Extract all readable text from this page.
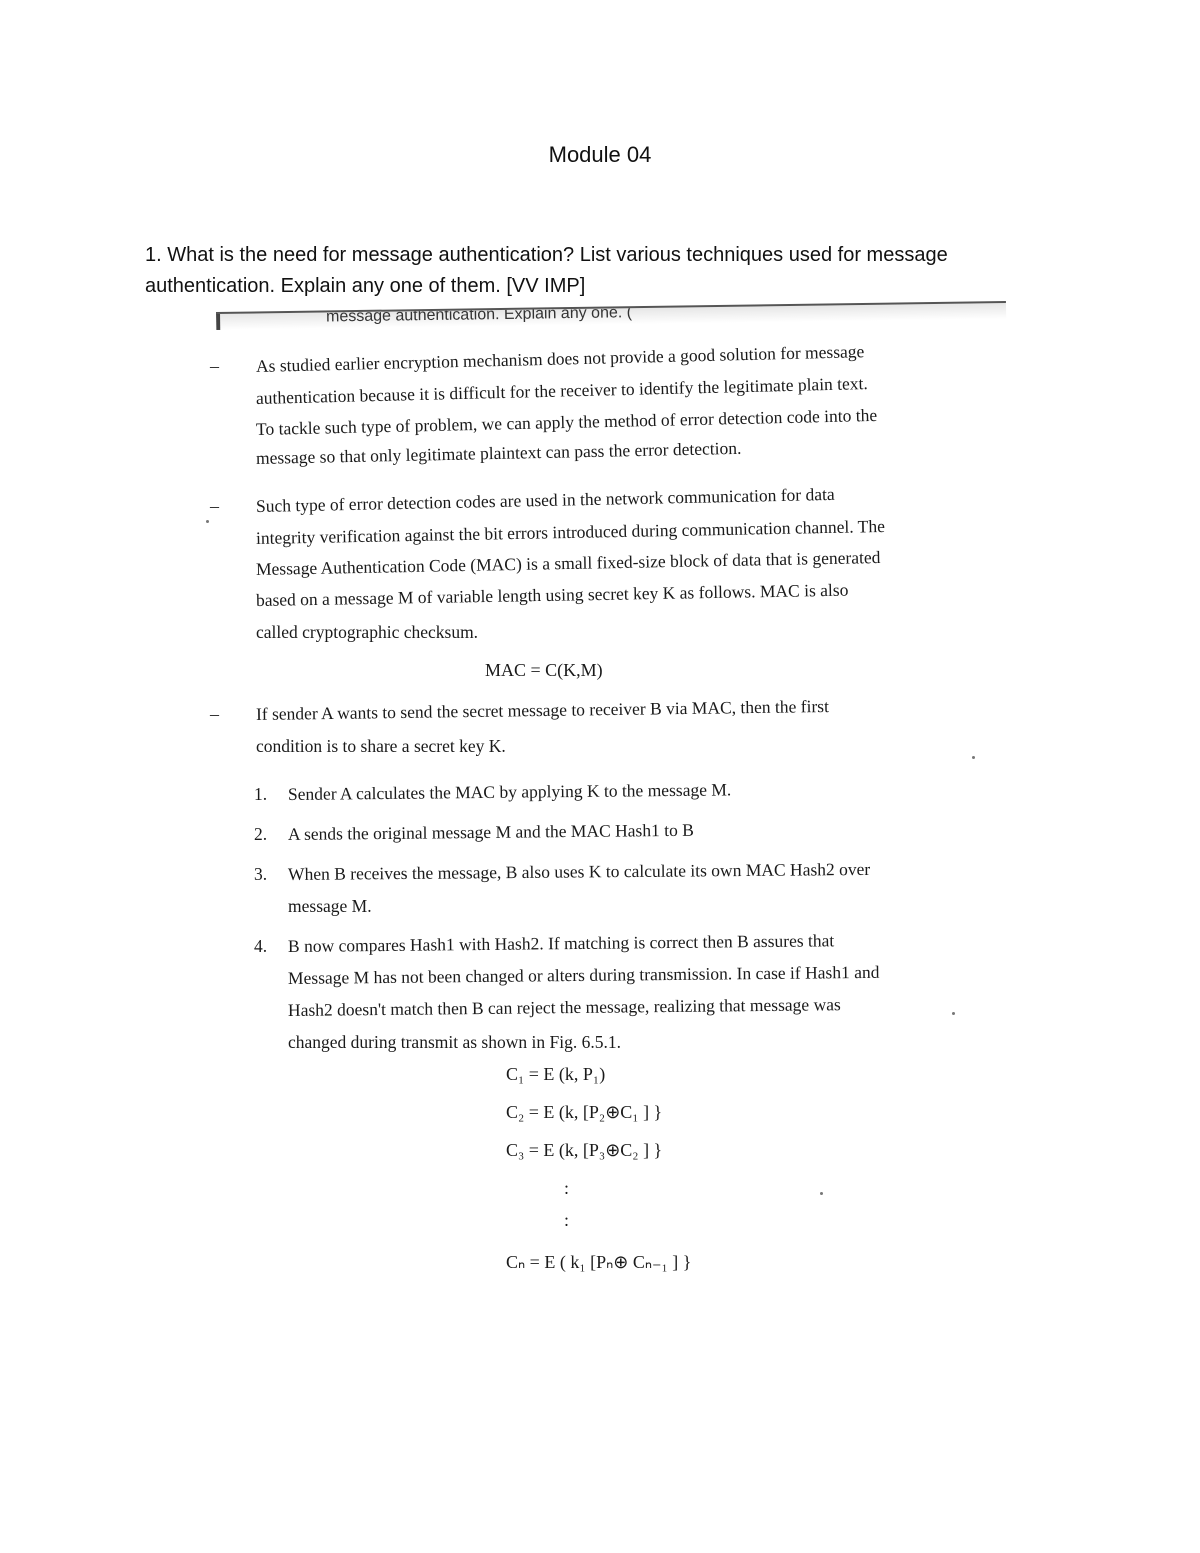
Module 04
1. What is the need for message authentication? List various techniques used for message authentication. Explain any one of them. [VV IMP]
message authentication. Explain any one. (
– As studied earlier encryption mechanism does not provide a good solution for message
authentication because it is difficult for the receiver to identify the legitimate plain text.
To tackle such type of problem, we can apply the method of error detection code into the
message so that only legitimate plaintext can pass the error detection.
– Such type of error detection codes are used in the network communication for data
integrity verification against the bit errors introduced during communication channel. The
Message Authentication Code (MAC) is a small fixed-size block of data that is generated
based on a message M of variable length using secret key K as follows. MAC is also
called cryptographic checksum.
MAC = C(K,M)
– If sender A wants to send the secret message to receiver B via MAC, then the first
condition is to share a secret key K.
1. Sender A calculates the MAC by applying K to the message M.
2. A sends the original message M and the MAC Hash1 to B
3. When B receives the message, B also uses K to calculate its own MAC Hash2 over
message M.
4. B now compares Hash1 with Hash2. If matching is correct then B assures that
Message M has not been changed or alters during transmission. In case if Hash1 and
Hash2 doesn't match then B can reject the message, realizing that message was
changed during transmit as shown in Fig. 6.5.1.
C₁ = E (k, P₁)
C₂ = E (k, [P₂⊕C₁ ] }
C₃ = E (k, [P₃⊕C₂ ] }
:
:
Cₙ = E ( k₁ [Pₙ⊕ Cₙ₋₁ ] }
